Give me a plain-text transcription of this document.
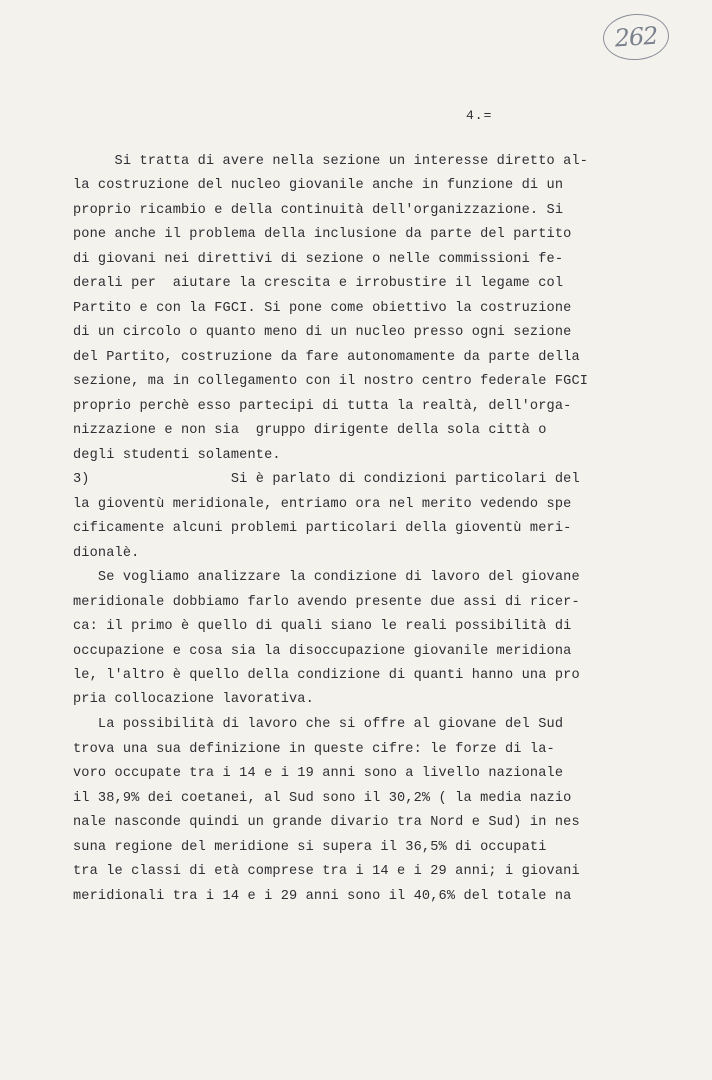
262
4.=
Si tratta di avere nella sezione un interesse diretto al-
la costruzione del nucleo giovanile anche in funzione di un
proprio ricambio e della continuità dell'organizzazione. Si
pone anche il problema della inclusione da parte del partito
di giovani nei direttivi di sezione o nelle commissioni fe-
derali per  aiutare la crescita e irrobustire il legame col
Partito e con la FGCI. Si pone come obiettivo la costruzione
di un circolo o quanto meno di un nucleo presso ogni sezione
del Partito, costruzione da fare autonomamente da parte della
sezione, ma in collegamento con il nostro centro federale FGCI
proprio perchè esso partecipi di tutta la realtà, dell'orga-
nizzazione e non sia  gruppo dirigente della sola città o
degli studenti solamente.
3)                 Si è parlato di condizioni particolari del
la gioventù meridionale, entriamo ora nel merito vedendo spe
cificamente alcuni problemi particolari della gioventù meri-
dionalè.
Se vogliamo analizzare la condizione di lavoro del giovane
meridionale dobbiamo farlo avendo presente due assi di ricer-
ca: il primo è quello di quali siano le reali possibilità di
occupazione e cosa sia la disoccupazione giovanile meridiona
le, l'altro è quello della condizione di quanti hanno una pro
pria collocazione lavorativa.
La possibilità di lavoro che si offre al giovane del Sud
trova una sua definizione in queste cifre: le forze di la-
voro occupate tra i 14 e i 19 anni sono a livello nazionale
il 38,9% dei coetanei, al Sud sono il 30,2% ( la media nazio
nale nasconde quindi un grande divario tra Nord e Sud) in nes
suna regione del meridione si supera il 36,5% di occupati
tra le classi di età comprese tra i 14 e i 29 anni; i giovani
meridionali tra i 14 e i 29 anni sono il 40,6% del totale na
